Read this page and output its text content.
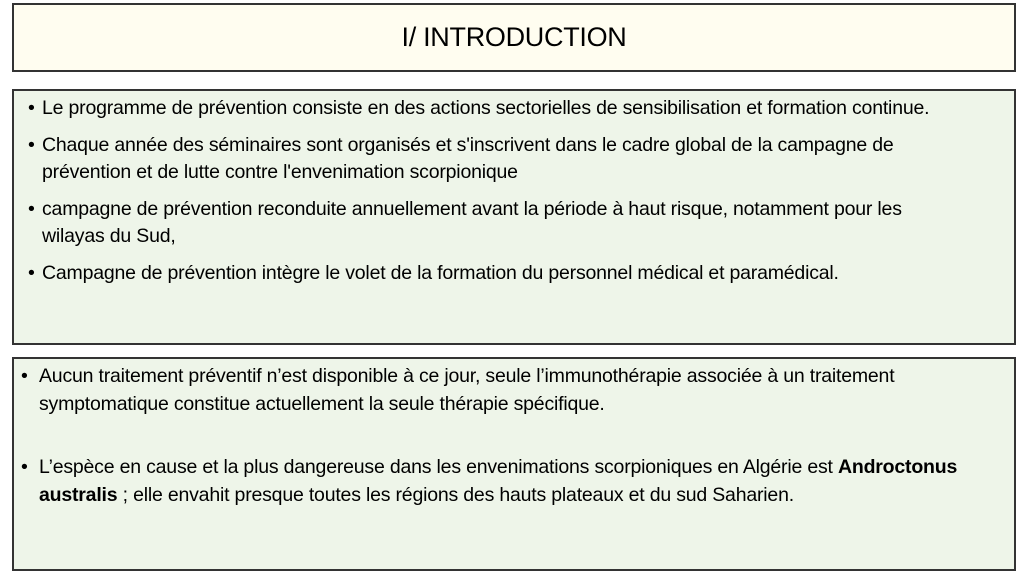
I/ INTRODUCTION
• Le programme de prévention consiste en des actions sectorielles de sensibilisation et formation continue.
• Chaque année des séminaires sont organisés et s'inscrivent dans le cadre global de la campagne de prévention et de lutte contre l'envenimation scorpionique
• campagne de prévention reconduite annuellement avant la période à haut risque, notamment pour les wilayas du Sud,
• Campagne de prévention intègre le volet de la formation du personnel médical et paramédical.
• Aucun traitement préventif n’est disponible à ce jour, seule l’immunothérapie associée à un traitement symptomatique constitue actuellement la seule thérapie spécifique.
• L’espèce en cause et la plus dangereuse dans les envenimations scorpioniques en Algérie est Androctonus australis ; elle envahit presque toutes les régions des hauts plateaux et du sud Saharien.
